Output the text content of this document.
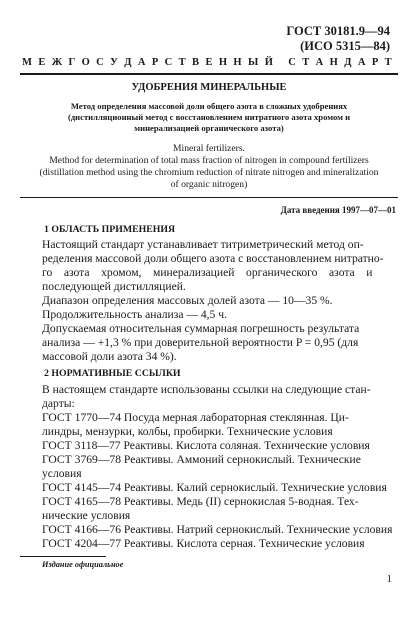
ГОСТ 30181.9—94
(ИСО 5315—84)
М Е Ж Г О С У Д А Р С Т В Е Н Н Ы Й
С Т А Н Д А Р Т
УДОБРЕНИЯ МИНЕРАЛЬНЫЕ
Метод определения массовой доли общего азота в сложных удобрениях
(дистилляционный метод с восстановлением нитратного азота хромом и
минерализацией органического азота)
Mineral fertilizers.
Method for determination of total mass fraction of nitrogen in compound fertilizers
(distillation method using the chromium reduction of nitrate nitrogen and mineralization
of organic nitrogen)
Дата введения 1997—07—01
1 ОБЛАСТЬ ПРИМЕНЕНИЯ
Настоящий стандарт устанавливает титриметрический метод оп-
ределения массовой доли общего азота с восстановлением нитратно-
го    азота    хромом,    минерализацией    органического    азота    и
последующей дистилляцией.
Диапазон определения массовых долей азота — 10—35 %.
Продолжительность анализа — 4,5 ч.
Допускаемая относительная суммарная погрешность результата
анализа — +1,3 % при доверительной вероятности P = 0,95 (для
массовой доли азота 34 %).
2 НОРМАТИВНЫЕ ССЫЛКИ
В настоящем стандарте использованы ссылки на следующие стан-
дарты:
ГОСТ 1770—74 Посуда мерная лабораторная стеклянная. Ци-
линдры, мензурки, колбы, пробирки. Технические условия
ГОСТ 3118—77 Реактивы. Кислота соляная. Технические условия
ГОСТ 3769—78 Реактивы. Аммоний сернокислый. Технические
условия
ГОСТ 4145—74 Реактивы. Калий сернокислый. Технические условия
ГОСТ 4165—78 Реактивы. Медь (II) сернокислая 5-водная. Тех-
нические условия
ГОСТ 4166—76 Реактивы. Натрий сернокислый. Технические условия
ГОСТ 4204—77 Реактивы. Кислота серная. Технические условия
Издание официальное
1
